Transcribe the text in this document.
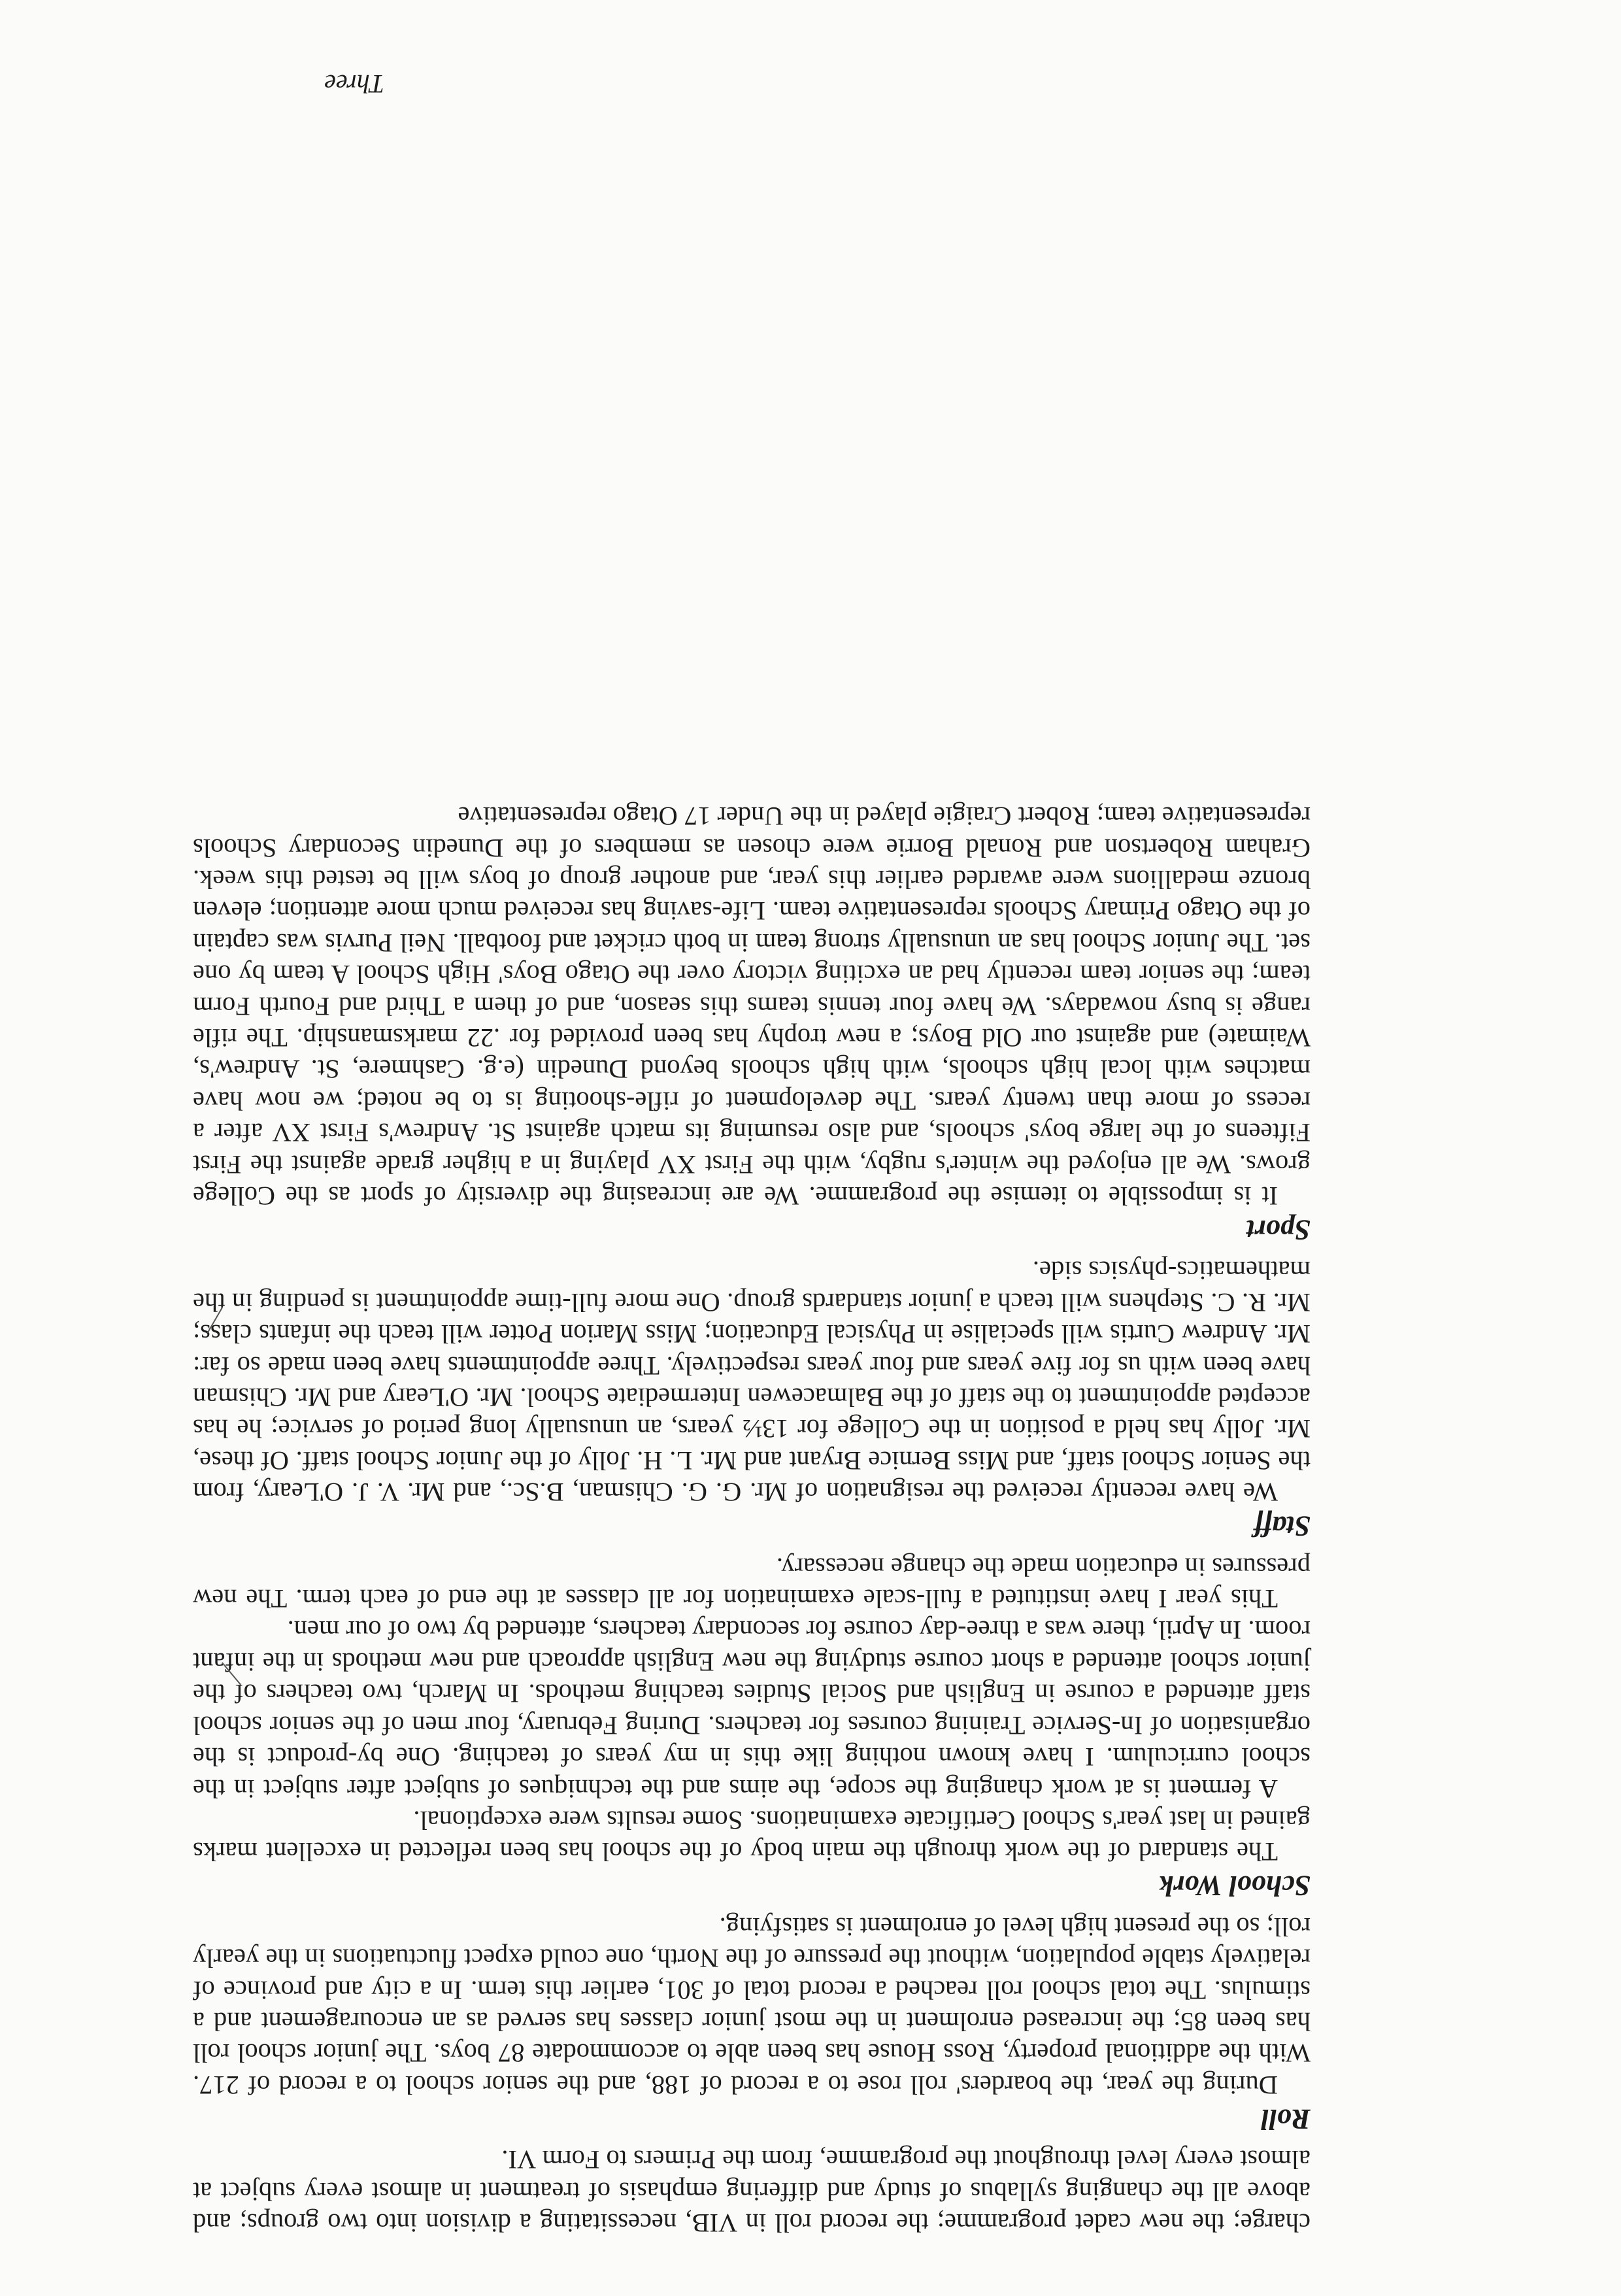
charge; the new cadet programme; the record roll in VIB, necessitating a division into two groups; and above all the changing syllabus of study and differing emphasis of treatment in almost every subject at almost every level throughout the programme, from the Primers to Form VI.

Roll

During the year, the boarders' roll rose to a record of 188, and the senior school to a record of 217. With the additional property, Ross House has been able to accommodate 87 boys. The junior school roll has been 85; the increased enrolment in the most junior classes has served as an encouragement and a stimulus. The total school roll reached a record total of 301, earlier this term. In a city and province of relatively stable population, without the pressure of the North, one could expect fluctuations in the yearly roll; so the present high level of enrolment is satisfying.

School Work

The standard of the work through the main body of the school has been reflected in excellent marks gained in last year's School Certificate examinations. Some results were exceptional.

A ferment is at work changing the scope, the aims and the techniques of subject after subject in the school curriculum. I have known nothing like this in my years of teaching. One by-product is the organisation of In-Service Training courses for teachers. During February, four men of the senior school staff attended a course in English and Social Studies teaching methods. In March, two teachers of the junior school attended a short course studying the new English approach and new methods in the infant room. In April, there was a three-day course for secondary teachers, attended by two of our men.

This year I have instituted a full-scale examination for all classes at the end of each term. The new pressures in education made the change necessary.

Staff

We have recently received the resignation of Mr. G. G. Chisman, B.Sc., and Mr. V. J. O'Leary, from the Senior School staff, and Miss Bernice Bryant and Mr. L. H. Jolly of the Junior School staff. Of these, Mr. Jolly has held a position in the College for 13½ years, an unusually long period of service; he has accepted appointment to the staff of the Balmacewen Intermediate School. Mr. O'Leary and Mr. Chisman have been with us for five years and four years respectively. Three appointments have been made so far: Mr. Andrew Curtis will specialise in Physical Education; Miss Marion Potter will teach the infants class; Mr. R. C. Stephens will teach a junior standards group. One more full-time appointment is pending in the mathematics-physics side.

Sport

It is impossible to itemise the programme. We are increasing the diversity of sport as the College grows. We all enjoyed the winter's rugby, with the First XV playing in a higher grade against the First Fifteens of the large boys' schools, and also resuming its match against St. Andrew's First XV after a recess of more than twenty years. The development of rifle-shooting is to be noted; we now have matches with local high schools, with high schools beyond Dunedin (e.g. Cashmere, St. Andrew's, Waimate) and against our Old Boys; a new trophy has been provided for .22 marksmanship. The rifle range is busy nowadays. We have four tennis teams this season, and of them a Third and Fourth Form team; the senior team recently had an exciting victory over the Otago Boys' High School A team by one set. The Junior School has an unusually strong team in both cricket and football. Neil Purvis was captain of the Otago Primary Schools representative team. Life-saving has received much more attention; eleven bronze medallions were awarded earlier this year, and another group of boys will be tested this week. Graham Robertson and Ronald Borrie were chosen as members of the Dunedin Secondary Schools representative team; Robert Craigie played in the Under 17 Otago representative

Three
